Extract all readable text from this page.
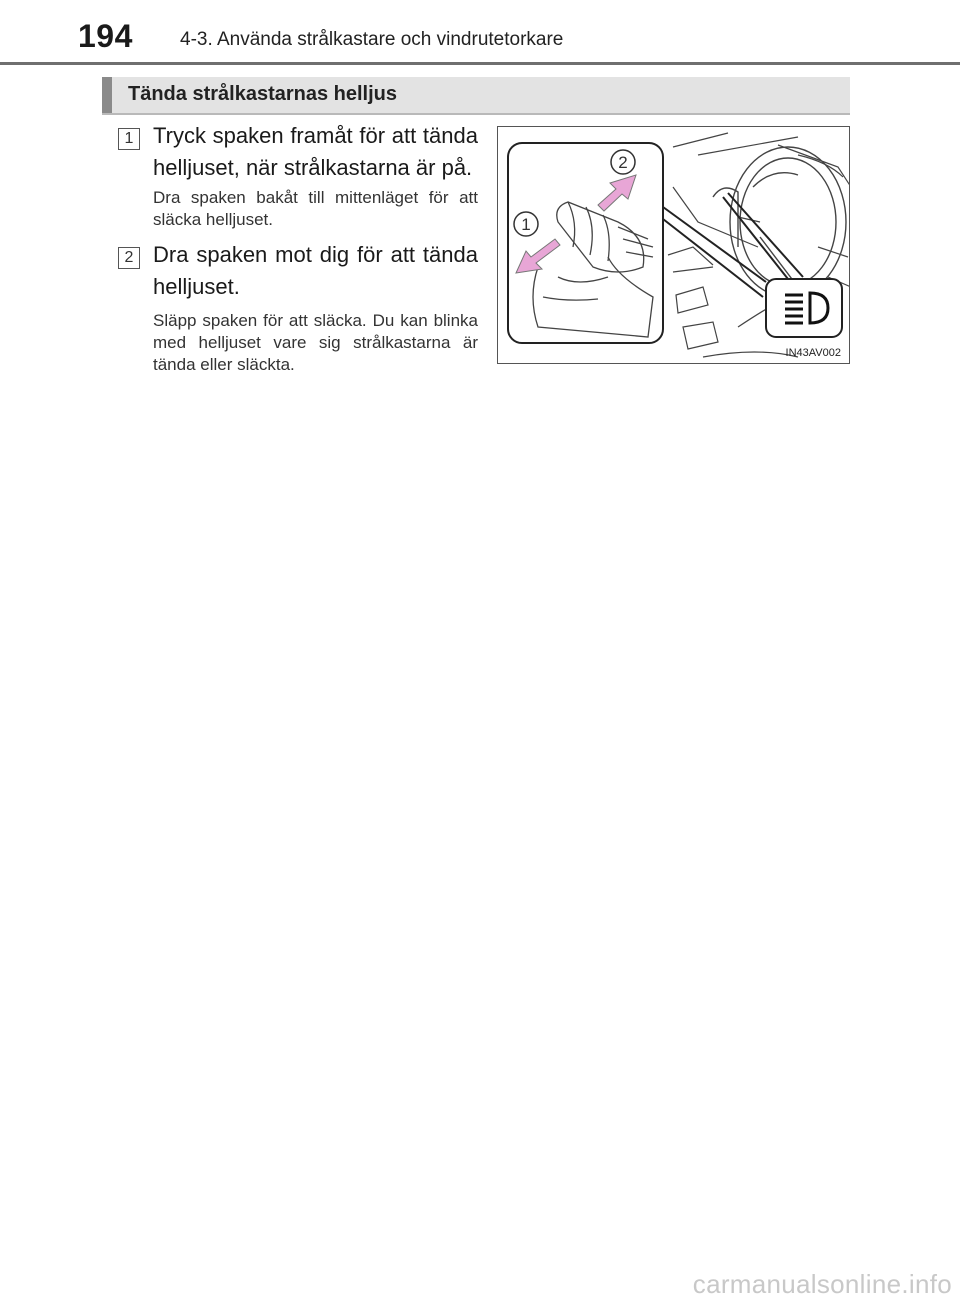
194 4-3. Använda strålkastare och vindrutetorkare
Tända strålkastarnas helljus
1 Tryck spaken framåt för att tända helljuset, när strålkastarna är på.
Dra spaken bakåt till mittenläget för att släcka helljuset.
2 Dra spaken mot dig för att tända helljuset.
Släpp spaken för att släcka. Du kan blinka med helljuset vare sig strålkastarna är tända eller släckta.
2
1
IN43AV002
carmanualsonline.info
